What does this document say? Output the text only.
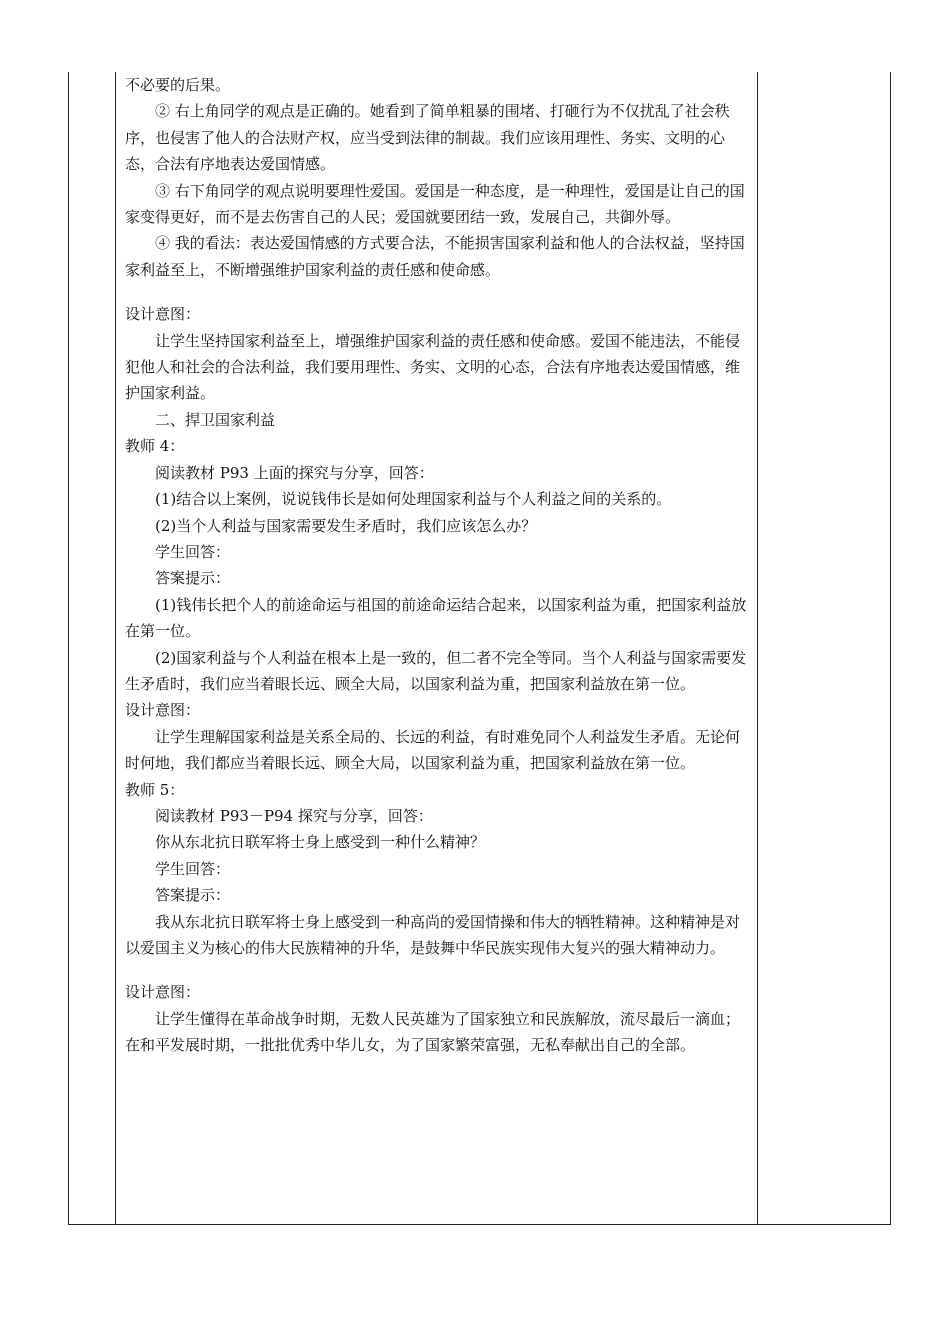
不必要的后果。

② 右上角同学的观点是正确的。她看到了简单粗暴的围堵、打砸行为不仅扰乱了社会秩序，也侵害了他人的合法财产权，应当受到法律的制裁。我们应该用理性、务实、文明的心态，合法有序地表达爱国情感。

③ 右下角同学的观点说明要理性爱国。爱国是一种态度，是一种理性，爱国是让自己的国家变得更好，而不是去伤害自己的人民；爱国就要团结一致，发展自己，共御外辱。

④ 我的看法：表达爱国情感的方式要合法，不能损害国家利益和他人的合法权益，坚持国家利益至上，不断增强维护国家利益的责任感和使命感。

设计意图：

让学生坚持国家利益至上，增强维护国家利益的责任感和使命感。爱国不能违法，不能侵犯他人和社会的合法利益，我们要用理性、务实、文明的心态，合法有序地表达爱国情感，维护国家利益。

二、捍卫国家利益

教师 4：

阅读教材 P93 上面的探究与分享，回答：

(1)结合以上案例，说说钱伟长是如何处理国家利益与个人利益之间的关系的。

(2)当个人利益与国家需要发生矛盾时，我们应该怎么办？

学生回答：

答案提示：

(1)钱伟长把个人的前途命运与祖国的前途命运结合起来，以国家利益为重，把国家利益放在第一位。

(2)国家利益与个人利益在根本上是一致的，但二者不完全等同。当个人利益与国家需要发生矛盾时，我们应当着眼长远、顾全大局，以国家利益为重，把国家利益放在第一位。

设计意图：

让学生理解国家利益是关系全局的、长远的利益，有时难免同个人利益发生矛盾。无论何时何地，我们都应当着眼长远、顾全大局，以国家利益为重，把国家利益放在第一位。

教师 5：

阅读教材 P93－P94 探究与分享，回答：

你从东北抗日联军将士身上感受到一种什么精神？

学生回答：

答案提示：

我从东北抗日联军将士身上感受到一种高尚的爱国情操和伟大的牺牲精神。这种精神是对以爱国主义为核心的伟大民族精神的升华，是鼓舞中华民族实现伟大复兴的强大精神动力。

设计意图：

让学生懂得在革命战争时期，无数人民英雄为了国家独立和民族解放，流尽最后一滴血；在和平发展时期，一批批优秀中华儿女，为了国家繁荣富强，无私奉献出自己的全部。
